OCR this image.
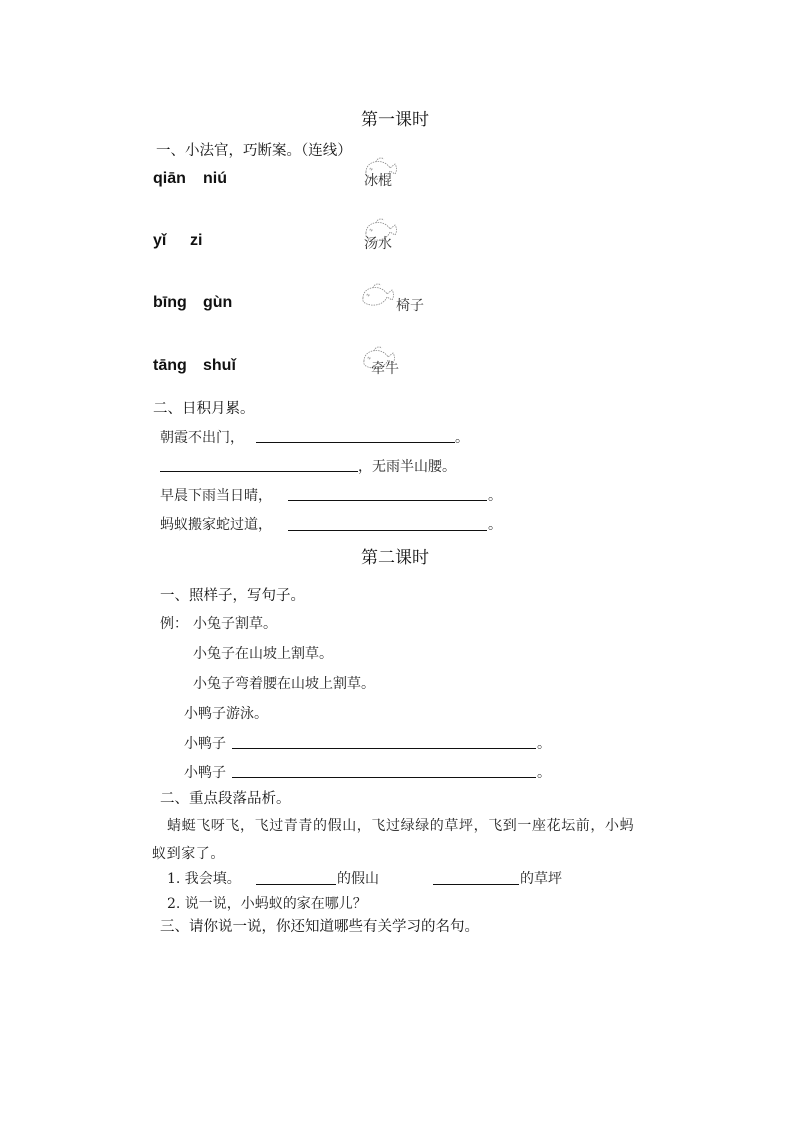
第一课时
一、小法官，巧断案。（连线）
qiān niú
yǐ zi
bīng gùn
tāng shuǐ
冰棍
汤水
椅子
牵牛
二、日积月累。
朝霞不出门，	。
，无雨半山腰。
早晨下雨当日晴，	。
蚂蚁搬家蛇过道，	。
第二课时
一、照样子，写句子。
例： 小兔子割草。
小兔子在山坡上割草。
小兔子弯着腰在山坡上割草。
小鸭子游泳。
小鸭子	。
小鸭子	。
二、重点段落品析。
蜻蜓飞呀飞，飞过青青的假山，飞过绿绿的草坪，飞到一座花坛前，小蚂
蚁到家了。
1. 我会填。	的假山	的草坪
2. 说一说，小蚂蚁的家在哪儿？
三、请你说一说，你还知道哪些有关学习的名句。
